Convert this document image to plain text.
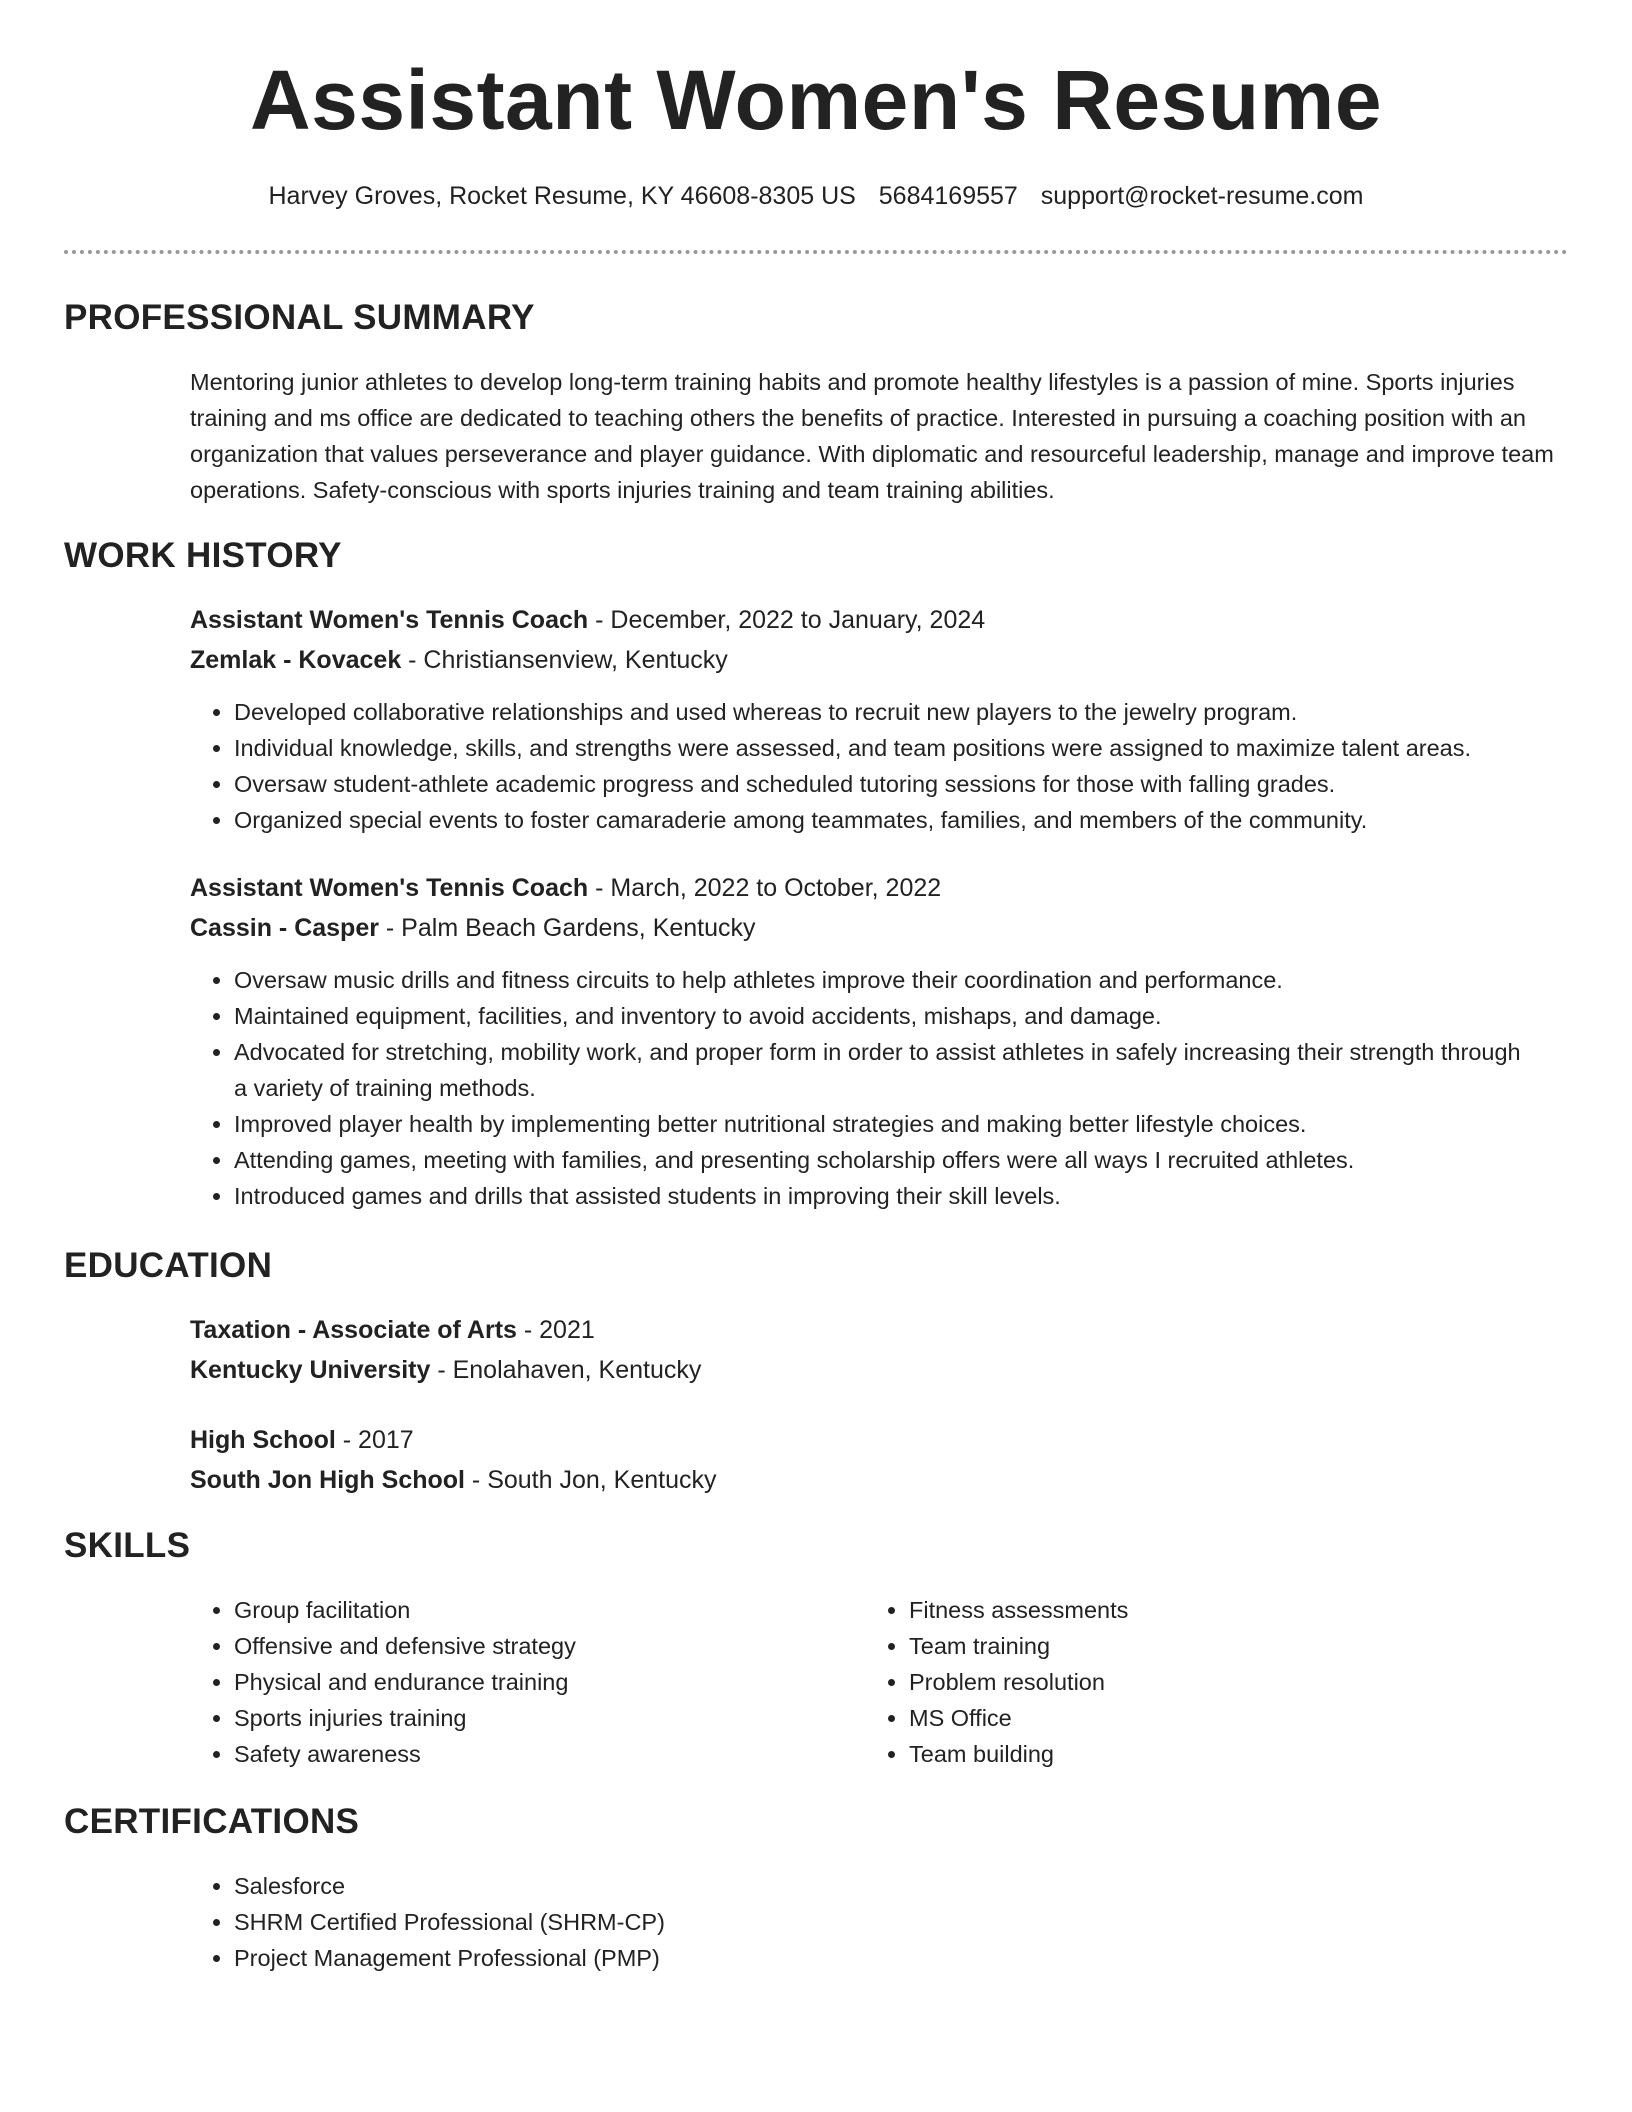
Assistant Women's Resume
Harvey Groves, Rocket Resume, KY 46608-8305 US 5684169557 support@rocket-resume.com
PROFESSIONAL SUMMARY
Mentoring junior athletes to develop long-term training habits and promote healthy lifestyles is a passion of mine. Sports injuries training and ms office are dedicated to teaching others the benefits of practice. Interested in pursuing a coaching position with an organization that values perseverance and player guidance. With diplomatic and resourceful leadership, manage and improve team operations. Safety-conscious with sports injuries training and team training abilities.
WORK HISTORY
Assistant Women's Tennis Coach - December, 2022 to January, 2024
Zemlak - Kovacek - Christiansenview, Kentucky
• Developed collaborative relationships and used whereas to recruit new players to the jewelry program.
• Individual knowledge, skills, and strengths were assessed, and team positions were assigned to maximize talent areas.
• Oversaw student-athlete academic progress and scheduled tutoring sessions for those with falling grades.
• Organized special events to foster camaraderie among teammates, families, and members of the community.
Assistant Women's Tennis Coach - March, 2022 to October, 2022
Cassin - Casper - Palm Beach Gardens, Kentucky
• Oversaw music drills and fitness circuits to help athletes improve their coordination and performance.
• Maintained equipment, facilities, and inventory to avoid accidents, mishaps, and damage.
• Advocated for stretching, mobility work, and proper form in order to assist athletes in safely increasing their strength through a variety of training methods.
• Improved player health by implementing better nutritional strategies and making better lifestyle choices.
• Attending games, meeting with families, and presenting scholarship offers were all ways I recruited athletes.
• Introduced games and drills that assisted students in improving their skill levels.
EDUCATION
Taxation - Associate of Arts - 2021
Kentucky University - Enolahaven, Kentucky
High School - 2017
South Jon High School - South Jon, Kentucky
SKILLS
• Group facilitation
• Offensive and defensive strategy
• Physical and endurance training
• Sports injuries training
• Safety awareness
• Fitness assessments
• Team training
• Problem resolution
• MS Office
• Team building
CERTIFICATIONS
• Salesforce
• SHRM Certified Professional (SHRM-CP)
• Project Management Professional (PMP)
